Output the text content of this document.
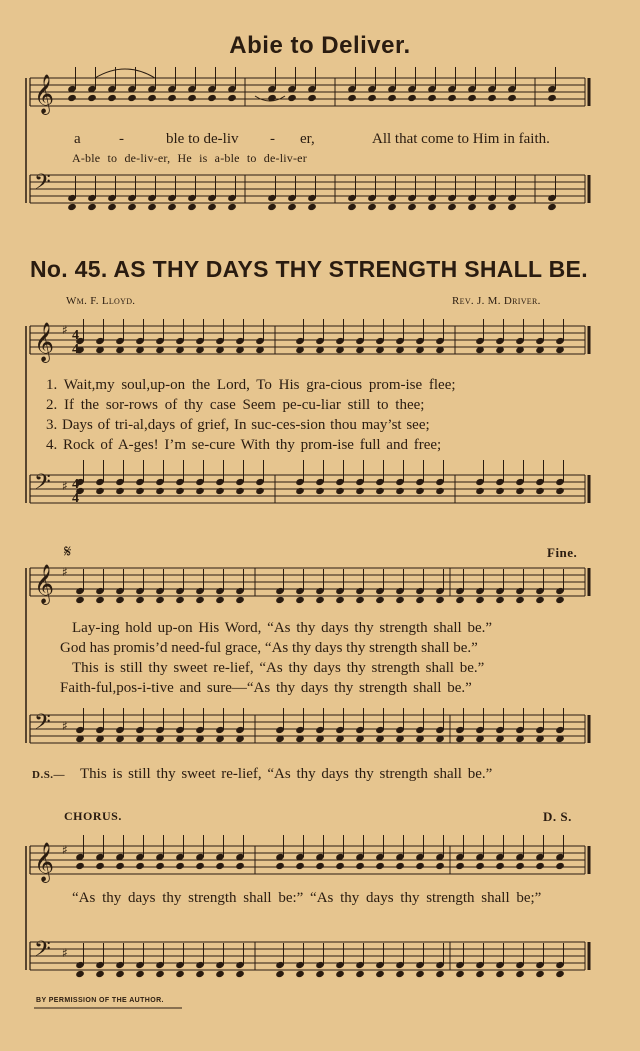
𝄞
𝄢
𝄞 ♯
𝄢 ♯
4
4
4
4
𝄞 ♯
𝄢 ♯
𝄞 ♯
𝄢 ♯
Abie to Deliver.
a	-	ble to de-liv - er,	All that come to Him in faith.
A-ble to de-liv-er, He is a-ble to de-liv-er
No. 45. AS THY DAYS THY STRENGTH SHALL BE.
Wm. F. Lloyd.	Rev. J. M. Driver.
1. Wait,my soul,up-on the Lord, To His gra-cious prom-ise flee;
2. If the sor-rows of thy case Seem pe-cu-liar still to thee;
3. Days of tri-al,days of grief, In suc-ces-sion thou may’st see;
4. Rock of A-ges! I’m se-cure With thy prom-ise full and free;
𝄋	Fine.
Lay-ing hold up-on His Word, “As thy days thy strength shall be.”
God has promis’d need-ful grace, “As thy days thy strength shall be.”
This is still thy sweet re-lief, “As thy days thy strength shall be.”
Faith-ful,pos-i-tive and sure—“As thy days thy strength shall be.”
D.S.— This is still thy sweet re-lief, “As thy days thy strength shall be.”
CHORUS.	D. S.
“As thy days thy strength shall be:” “As thy days thy strength shall be;”
BY PERMISSION OF THE AUTHOR.
